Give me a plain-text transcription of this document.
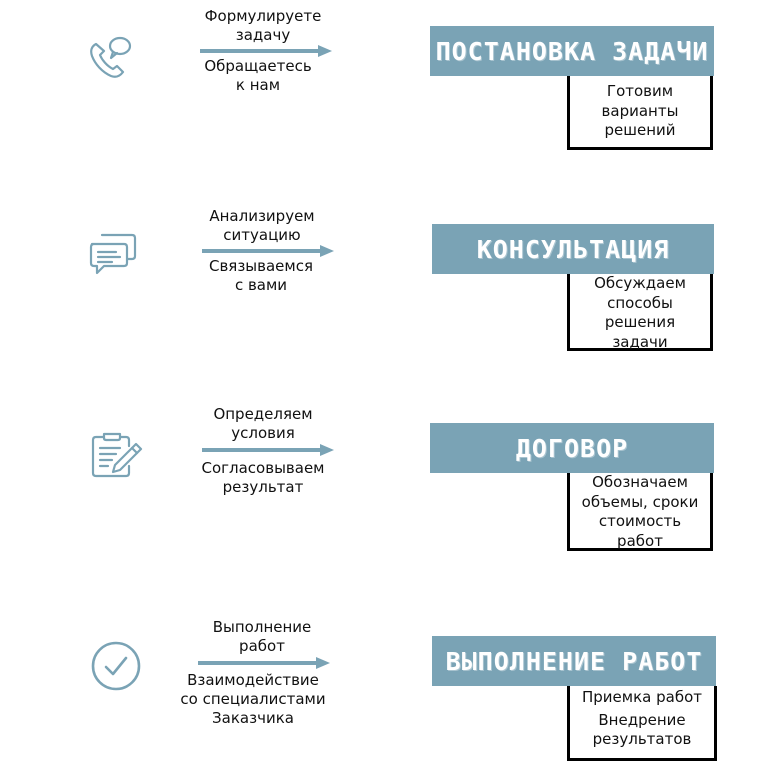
Формулируете
задачу
Обращаетесь
к нам
ПОСТАНОВКА ЗАДАЧИ
Готовим
варианты
решений
Анализируем
ситуацию
Связываемся
с вами
КОНСУЛЬТАЦИЯ
Обсуждаем
способы
решения
задачи
Определяем
условия
Согласовываем
результат
ДОГОВОР
Обозначаем
объемы, сроки
стоимость
работ
Выполнение
работ
Взаимодействие
со специалистами
Заказчика
ВЫПОЛНЕНИЕ РАБОТ
Приемка работ
Внедрение
результатов
